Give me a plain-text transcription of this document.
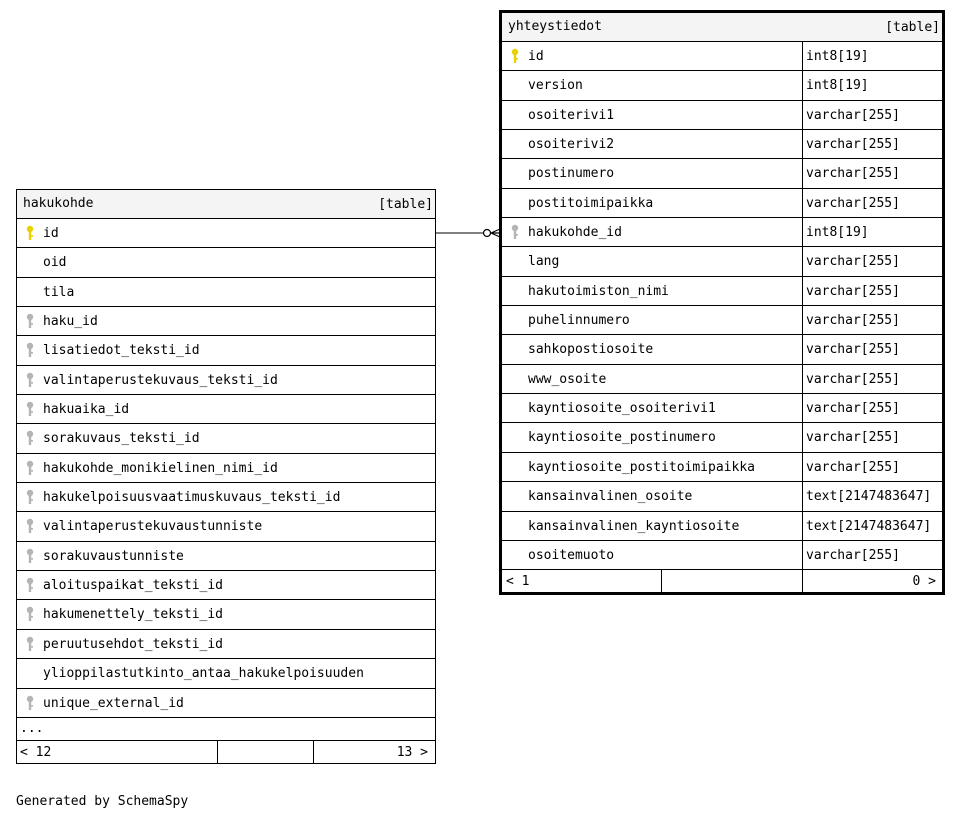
hakukohde	[table]
id
oid
tila
haku_id
lisatiedot_teksti_id
valintaperustekuvaus_teksti_id
hakuaika_id
sorakuvaus_teksti_id
hakukohde_monikielinen_nimi_id
hakukelpoisuusvaatimuskuvaus_teksti_id
valintaperustekuvaustunniste
sorakuvaustunniste
aloituspaikat_teksti_id
hakumenettely_teksti_id
peruutusehdot_teksti_id
ylioppilastutkinto_antaa_hakukelpoisuuden
unique_external_id
...
< 12	13 >
yhteystiedot	[table]
id	int8[19]
version	int8[19]
osoiterivi1	varchar[255]
osoiterivi2	varchar[255]
postinumero	varchar[255]
postitoimipaikka	varchar[255]
hakukohde_id	int8[19]
lang	varchar[255]
hakutoimiston_nimi	varchar[255]
puhelinnumero	varchar[255]
sahkopostiosoite	varchar[255]
www_osoite	varchar[255]
kayntiosoite_osoiterivi1	varchar[255]
kayntiosoite_postinumero	varchar[255]
kayntiosoite_postitoimipaikka	varchar[255]
kansainvalinen_osoite	text[2147483647]
kansainvalinen_kayntiosoite	text[2147483647]
osoitemuoto	varchar[255]
< 1	0 >
Generated by SchemaSpy
